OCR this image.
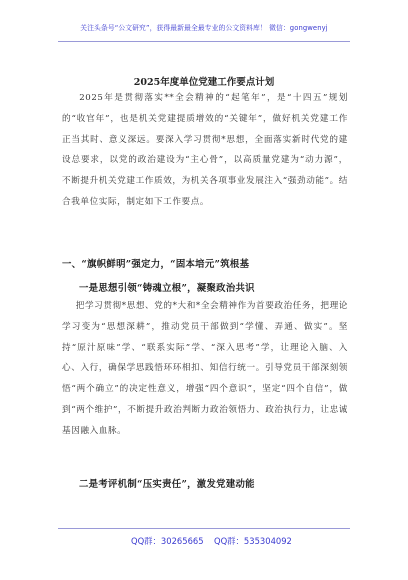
关注头条号“公文研究”，获得最新最全最专业的公文资料库！ 微信：gongwenyj
2025年度单位党建工作要点计划

2025年是贯彻落实**全会精神的“起笔年”，是“十四五”规划的“收官年”，也是机关党建提质增效的“关键年”，做好机关党建工作正当其时、意义深远。要深入学习贯彻*思想，全面落实新时代党的建设总要求，以党的政治建设为“主心骨”，以高质量党建为“动力源”，不断提升机关党建工作质效，为机关各项事业发展注入“强劲动能”。结合我单位实际，制定如下工作要点。

一、“旗帜鲜明”强定力，“固本培元”筑根基
一是思想引领“铸魂立根”，凝聚政治共识

把学习贯彻*思想、党的*大和*全会精神作为首要政治任务，把理论学习变为“思想深耕”，推动党员干部做到“学懂、弄通、做实”。坚持“原汁原味”学、“联系实际”学、“深入思考”学，让理论入脑、入心、入行，确保学思践悟环环相扣、知信行统一。引导党员干部深刻领悟“两个确立”的决定性意义，增强“四个意识”，坚定“四个自信”，做到“两个维护”，不断提升政治判断力政治领悟力、政治执行力，让忠诚基因融入血脉。

二是考评机制“压实责任”，激发党建动能
QQ群：30265665 QQ群：535304092
